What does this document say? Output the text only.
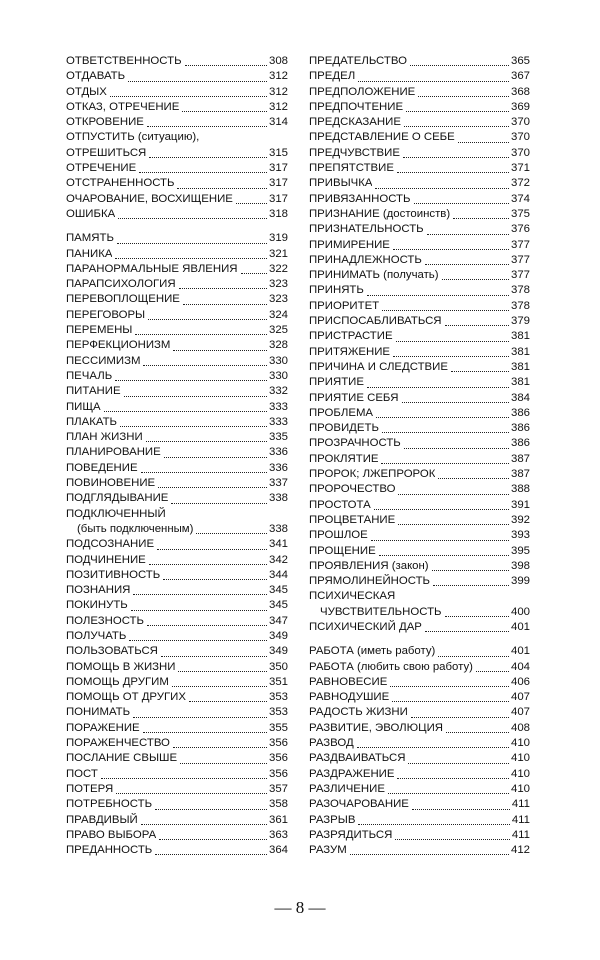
ОТВЕТСТВЕННОСТЬ	308
ОТДАВАТЬ	312
ОТДЫХ	312
ОТКАЗ, ОТРЕЧЕНИЕ	312
ОТКРОВЕНИЕ	314
ОТПУСТИТЬ (ситуацию),
ОТРЕШИТЬСЯ	315
ОТРЕЧЕНИЕ	317
ОТСТРАНЕННОСТЬ	317
ОЧАРОВАНИЕ, ВОСХИЩЕНИЕ	317
ОШИБКА	318
ПАМЯТЬ	319
ПАНИКА	321
ПАРАНОРМАЛЬНЫЕ ЯВЛЕНИЯ	322
ПАРАПСИХОЛОГИЯ	323
ПЕРЕВОПЛОЩЕНИЕ	323
ПЕРЕГОВОРЫ	324
ПЕРЕМЕНЫ	325
ПЕРФЕКЦИОНИЗМ	328
ПЕССИМИЗМ	330
ПЕЧАЛЬ	330
ПИТАНИЕ	332
ПИЩА	333
ПЛАКАТЬ	333
ПЛАН ЖИЗНИ	335
ПЛАНИРОВАНИЕ	336
ПОВЕДЕНИЕ	336
ПОВИНОВЕНИЕ	337
ПОДГЛЯДЫВАНИЕ	338
ПОДКЛЮЧЕННЫЙ
(быть подключенным)	338
ПОДСОЗНАНИЕ	341
ПОДЧИНЕНИЕ	342
ПОЗИТИВНОСТЬ	344
ПОЗНАНИЯ	345
ПОКИНУТЬ	345
ПОЛЕЗНОСТЬ	347
ПОЛУЧАТЬ	349
ПОЛЬЗОВАТЬСЯ	349
ПОМОЩЬ В ЖИЗНИ	350
ПОМОЩЬ ДРУГИМ	351
ПОМОЩЬ ОТ ДРУГИХ	353
ПОНИМАТЬ	353
ПОРАЖЕНИЕ	355
ПОРАЖЕНЧЕСТВО	356
ПОСЛАНИЕ СВЫШЕ	356
ПОСТ	356
ПОТЕРЯ	357
ПОТРЕБНОСТЬ	358
ПРАВДИВЫЙ	361
ПРАВО ВЫБОРА	363
ПРЕДАННОСТЬ	364
ПРЕДАТЕЛЬСТВО	365
ПРЕДЕЛ	367
ПРЕДПОЛОЖЕНИЕ	368
ПРЕДПОЧТЕНИЕ	369
ПРЕДСКАЗАНИЕ	370
ПРЕДСТАВЛЕНИЕ О СЕБЕ	370
ПРЕДЧУВСТВИЕ	370
ПРЕПЯТСТВИЕ	371
ПРИВЫЧКА	372
ПРИВЯЗАННОСТЬ	374
ПРИЗНАНИЕ (достоинств)	375
ПРИЗНАТЕЛЬНОСТЬ	376
ПРИМИРЕНИЕ	377
ПРИНАДЛЕЖНОСТЬ	377
ПРИНИМАТЬ (получать)	377
ПРИНЯТЬ	378
ПРИОРИТЕТ	378
ПРИСПОСАБЛИВАТЬСЯ	379
ПРИСТРАСТИЕ	381
ПРИТЯЖЕНИЕ	381
ПРИЧИНА И СЛЕДСТВИЕ	381
ПРИЯТИЕ	381
ПРИЯТИЕ СЕБЯ	384
ПРОБЛЕМА	386
ПРОВИДЕТЬ	386
ПРОЗРАЧНОСТЬ	386
ПРОКЛЯТИЕ	387
ПРОРОК; ЛЖЕПРОРОК	387
ПРОРОЧЕСТВО	388
ПРОСТОТА	391
ПРОЦВЕТАНИЕ	392
ПРОШЛОЕ	393
ПРОЩЕНИЕ	395
ПРОЯВЛЕНИЯ (закон)	398
ПРЯМОЛИНЕЙНОСТЬ	399
ПСИХИЧЕСКАЯ
ЧУВСТВИТЕЛЬНОСТЬ	400
ПСИХИЧЕСКИЙ ДАР	401
РАБОТА (иметь работу)	401
РАБОТА (любить свою работу)	404
РАВНОВЕСИЕ	406
РАВНОДУШИЕ	407
РАДОСТЬ ЖИЗНИ	407
РАЗВИТИЕ, ЭВОЛЮЦИЯ	408
РАЗВОД	410
РАЗДВАИВАТЬСЯ	410
РАЗДРАЖЕНИЕ	410
РАЗЛИЧЕНИЕ	410
РАЗОЧАРОВАНИЕ	411
РАЗРЫВ	411
РАЗРЯДИТЬСЯ	411
РАЗУМ	412
— 8 —
